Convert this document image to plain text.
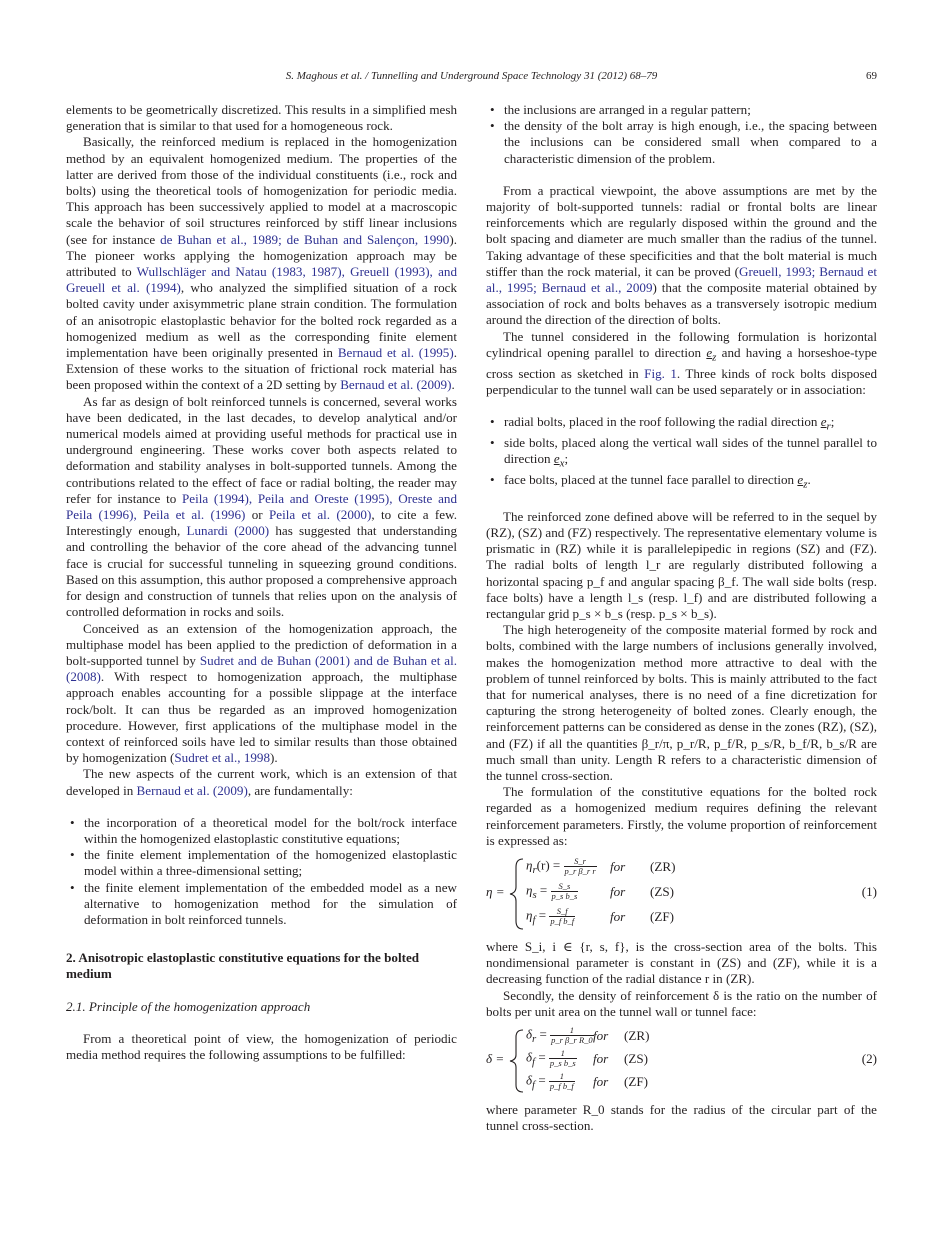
S. Maghous et al. / Tunnelling and Underground Space Technology 31 (2012) 68–79	69

elements to be geometrically discretized. This results in a simplified mesh generation that is similar to that used for a homogeneous rock.

Basically, the reinforced medium is replaced in the homogenization method by an equivalent homogenized medium. The properties of the latter are derived from those of the individual constituents (i.e., rock and bolts) using the theoretical tools of homogenization for periodic media. This approach has been successively applied to model at a macroscopic scale the behavior of soil structures reinforced by stiff linear inclusions (see for instance de Buhan et al., 1989; de Buhan and Salençon, 1990). The pioneer works applying the homogenization approach may be attributed to Wullschläger and Natau (1983, 1987), Greuell (1993), and Greuell et al. (1994), who analyzed the simplified situation of a rock bolted cavity under axisymmetric plane strain condition. The formulation of an anisotropic elastoplastic behavior for the bolted rock regarded as a homogenized medium as well as the corresponding finite element implementation have been originally presented in Bernaud et al. (1995). Extension of these works to the situation of frictional rock material has been proposed within the context of a 2D setting by Bernaud et al. (2009).

As far as design of bolt reinforced tunnels is concerned, several works have been dedicated, in the last decades, to develop analytical and/or numerical models aimed at providing useful methods for practical use in underground engineering. These works cover both aspects related to deformation and stability analyses in bolt-supported tunnels. Among the contributions related to the effect of face or radial bolting, the reader may refer for instance to Peila (1994), Peila and Oreste (1995), Oreste and Peila (1996), Peila et al. (1996) or Peila et al. (2000), to cite a few. Interestingly enough, Lunardi (2000) has suggested that understanding and controlling the behavior of the core ahead of the advancing tunnel face is crucial for successful tunneling in squeezing ground conditions. Based on this assumption, this author proposed a comprehensive approach for design and construction of tunnels that relies upon on the analysis of controlled deformation in rocks and soils.

Conceived as an extension of the homogenization approach, the multiphase model has been applied to the prediction of deformation in a bolt-supported tunnel by Sudret and de Buhan (2001) and de Buhan et al. (2008). With respect to homogenization approach, the multiphase approach enables accounting for a possible slippage at the interface rock/bolt. It can thus be regarded as an improved homogenization procedure. However, first applications of the multiphase model in the context of reinforced soils have led to similar results than those obtained by homogenization (Sudret et al., 1998).

The new aspects of the current work, which is an extension of that developed in Bernaud et al. (2009), are fundamentally:

• the incorporation of a theoretical model for the bolt/rock interface within the homogenized elastoplastic constitutive equations;
• the finite element implementation of the homogenized elastoplastic model within a three-dimensional setting;
• the finite element implementation of the embedded model as a new alternative to homogenization method for the simulation of deformation in bolt reinforced tunnels.
2. Anisotropic elastoplastic constitutive equations for the bolted medium
2.1. Principle of the homogenization approach

From a theoretical point of view, the homogenization of periodic media method requires the following assumptions to be fulfilled:

• the inclusions are arranged in a regular pattern;
• the density of the bolt array is high enough, i.e., the spacing between the inclusions can be considered small when compared to a characteristic dimension of the problem.

From a practical viewpoint, the above assumptions are met by the majority of bolt-supported tunnels: radial or frontal bolts are linear reinforcements which are regularly disposed within the ground and the bolt spacing and diameter are much smaller than the radius of the tunnel. Taking advantage of these specificities and that the bolt material is much stiffer than the rock material, it can be proved (Greuell, 1993; Bernaud et al., 1995; Bernaud et al., 2009) that the composite material obtained by association of rock and bolts behaves as a transversely isotropic medium around the direction of the direction of bolts.

The tunnel considered in the following formulation is horizontal cylindrical opening parallel to direction $e_z$ and having a horseshoe-type cross section as sketched in Fig. 1. Three kinds of rock bolts disposed perpendicular to the tunnel wall can be used separately or in association:

• radial bolts, placed in the roof following the radial direction $e_r$;
• side bolts, placed along the vertical wall sides of the tunnel parallel to direction $e_x$;
• face bolts, placed at the tunnel face parallel to direction $e_z$.

The reinforced zone defined above will be referred to in the sequel by (RZ), (SZ) and (FZ) respectively. The representative elementary volume is prismatic in (RZ) while it is parallelepipedic in regions (SZ) and (FZ). The radial bolts of length l_r are regularly distributed following a horizontal spacing p_f and angular spacing β_f. The wall side bolts (resp. face bolts) have a length l_s (resp. l_f) and are distributed following a rectangular grid p_s × b_s (resp. p_s × b_s).

The high heterogeneity of the composite material formed by rock and bolts, combined with the large numbers of inclusions generally involved, makes the homogenization method more attractive to deal with the problem of tunnel reinforced by bolts. This is mainly attributed to the fact that for numerical analyses, there is no need of a fine dicretization for capturing the strong heterogeneity of bolted zones. Clearly enough, the reinforcement patterns can be considered as dense in the zones (RZ), (SZ), and (FZ) if all the quantities β_r/π, p_r/R, p_f/R, p_s/R, b_f/R, b_s/R are much small than unity. Length R refers to a characteristic dimension of the tunnel cross-section.

The formulation of the constitutive equations for the bolted rock regarded as a homogenized medium requires defining the relevant reinforcement parameters. Firstly, the volume proportion of reinforcement is expressed as:

η =
$\eta_r(r) = \frac{S\_r}{\text{p\_r β\_r r}}$ for (ZR)
$\eta_s = \frac{S\_s}{\text{p\_s b\_s}}$ for (ZS)
$\eta_f = \frac{S\_f}{\text{p\_f b\_f}}$	for (ZF)
(1)

where S_i, i ∈ {r, s, f}, is the cross-section area of the bolts. This nondimensional parameter is constant in (ZS) and (ZF), while it is a decreasing function of the radial distance r in (ZR).

Secondly, the density of reinforcement δ is the ratio on the number of bolts per unit area on the tunnel wall or tunnel face:

δ =
$\delta_r = \frac{1}{\text{p\_r β\_r R\_0}}$ for (ZR)
$\delta_f = \frac{1}{\text{p\_s b\_s}}$ for (ZS)
$\delta_f = \frac{1}{\text{p\_f b\_f}}$ for (ZF)
(2)

where parameter R_0 stands for the radius of the circular part of the tunnel cross-section.
